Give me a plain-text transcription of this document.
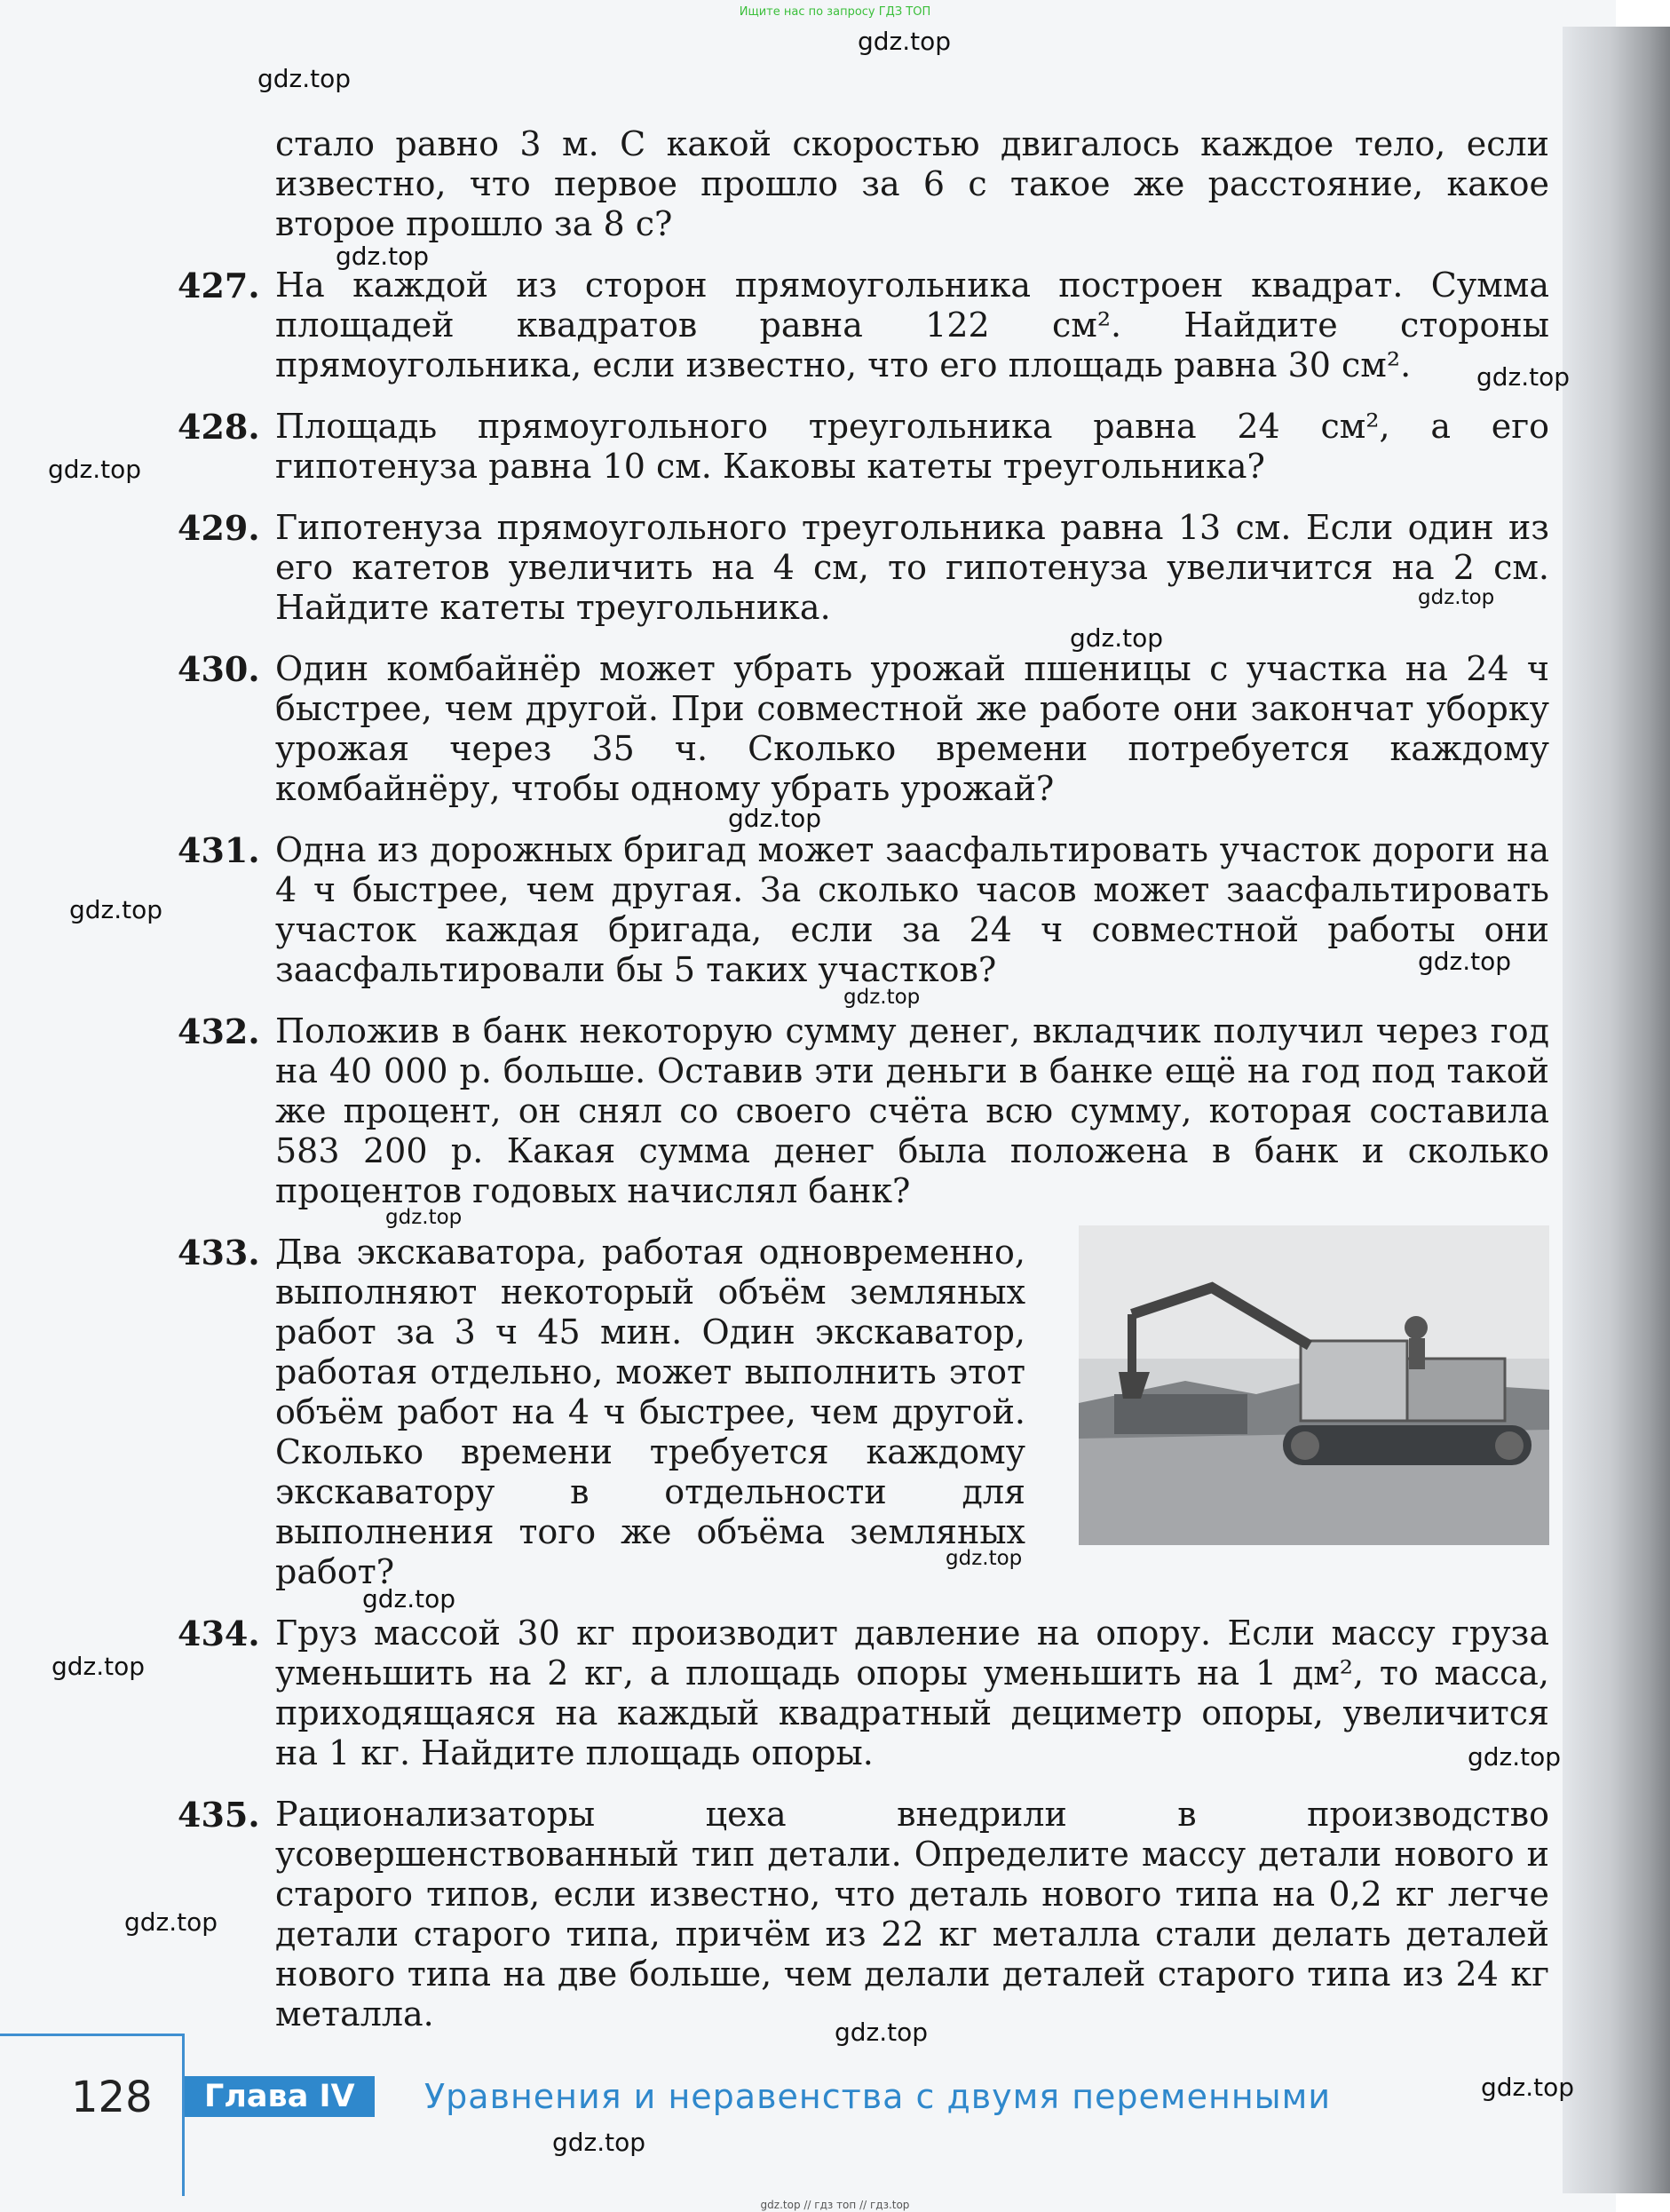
Ищите нас по запросу ГДЗ ТОП
gdz.top
gdz.top
gdz.top
gdz.top
gdz.top
gdz.top
gdz.top
gdz.top
gdz.top
gdz.top
gdz.top
gdz.top
gdz.top
gdz.top
gdz.top
gdz.top
gdz.top
gdz.top
gdz.top
gdz.top

стало равно 3 м. С какой скоростью двигалось каждое тело, если известно, что первое прошло за 6 с такое же расстояние, какое второе прошло за 8 с?

427. На каждой из сторон прямоугольника построен квадрат. Сумма площадей квадратов равна 122 см². Найдите стороны прямоугольника, если известно, что его площадь равна 30 см².

428. Площадь прямоугольного треугольника равна 24 см², а его гипотенуза равна 10 см. Каковы катеты треугольника?

429. Гипотенуза прямоугольного треугольника равна 13 см. Если один из его катетов увеличить на 4 см, то гипотенуза увеличится на 2 см. Найдите катеты треугольника.

430. Один комбайнёр может убрать урожай пшеницы с участка на 24 ч быстрее, чем другой. При совместной же работе они закончат уборку урожая через 35 ч. Сколько времени потребуется каждому комбайнёру, чтобы одному убрать урожай?

431. Одна из дорожных бригад может заасфальтировать участок дороги на 4 ч быстрее, чем другая. За сколько часов может заасфальтировать участок каждая бригада, если за 24 ч совместной работы они заасфальтировали бы 5 таких участков?

432. Положив в банк некоторую сумму денег, вкладчик получил через год на 40 000 р. больше. Оставив эти деньги в банке ещё на год под такой же процент, он снял со своего счёта всю сумму, которая составила 583 200 р. Какая сумма денег была положена в банк и сколько процентов годовых начислял банк?

433. Два экскаватора, работая одновременно, выполняют некоторый объём земляных работ за 3 ч 45 мин. Один экскаватор, работая отдельно, может выполнить этот объём работ на 4 ч быстрее, чем другой. Сколько времени требуется каждому экскаватору в отдельности для выполнения того же объёма земляных работ?

434. Груз массой 30 кг производит давление на опору. Если массу груза уменьшить на 2 кг, а площадь опоры уменьшить на 1 дм², то масса, приходящаяся на каждый квадратный дециметр опоры, увеличится на 1 кг. Найдите площадь опоры.

435. Рационализаторы цеха внедрили в производство усовершенствованный тип детали. Определите массу детали нового и старого типов, если известно, что деталь нового типа на 0,2 кг легче детали старого типа, причём из 22 кг металла стали делать деталей нового типа на две больше, чем делали деталей старого типа из 24 кг металла.

128	Глава IV	Уравнения и неравенства с двумя переменными
gdz.top // гдз топ // гдз.top
